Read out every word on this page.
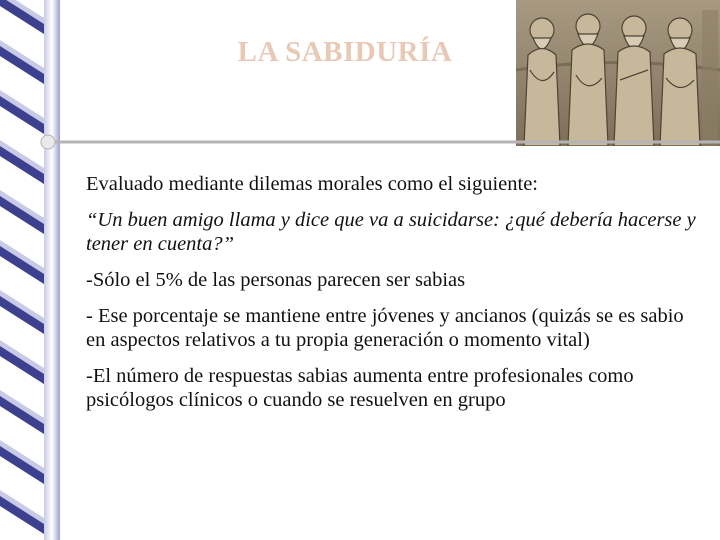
LA SABIDURÍA

Evaluado mediante dilemas morales como el siguiente:

“Un buen amigo llama y dice que va a suicidarse: ¿qué debería hacerse y tener en cuenta?”

-Sólo el 5% de las personas parecen ser sabias

- Ese porcentaje se mantiene entre jóvenes y ancianos (quizás se es sabio en aspectos relativos a tu propia generación o momento vital)

-El número de respuestas sabias aumenta entre profesionales como psicólogos clínicos o cuando se resuelven en grupo
